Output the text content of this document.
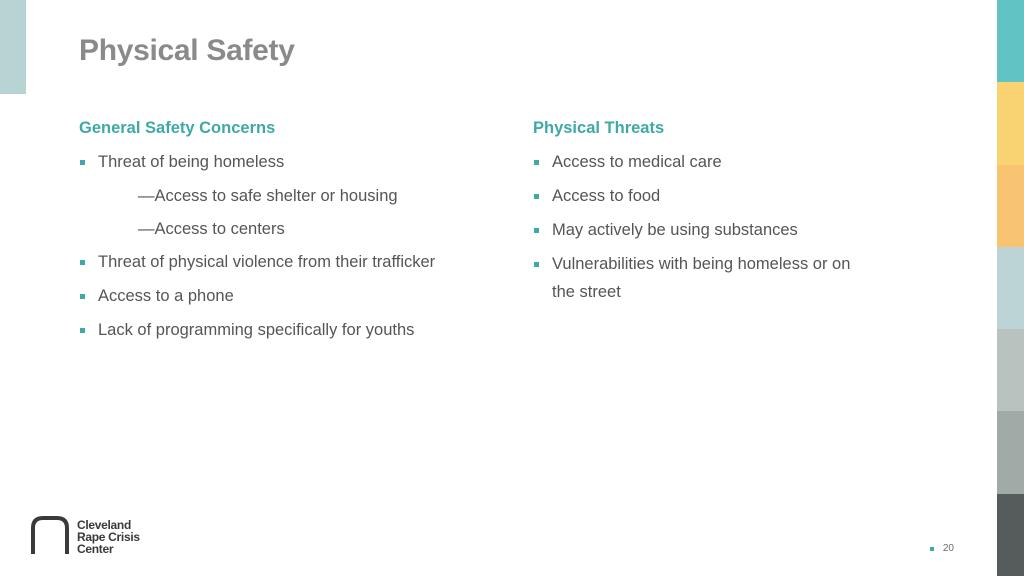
Physical Safety
General Safety Concerns
Threat of being homeless
—Access to safe shelter or housing
—Access to centers
Threat of physical violence from their trafficker
Access to a phone
Lack of programming specifically for youths
Physical Threats
Access to medical care
Access to food
May actively be using substances
Vulnerabilities with being homeless or on the street
Cleveland
Rape Crisis
Center	20
